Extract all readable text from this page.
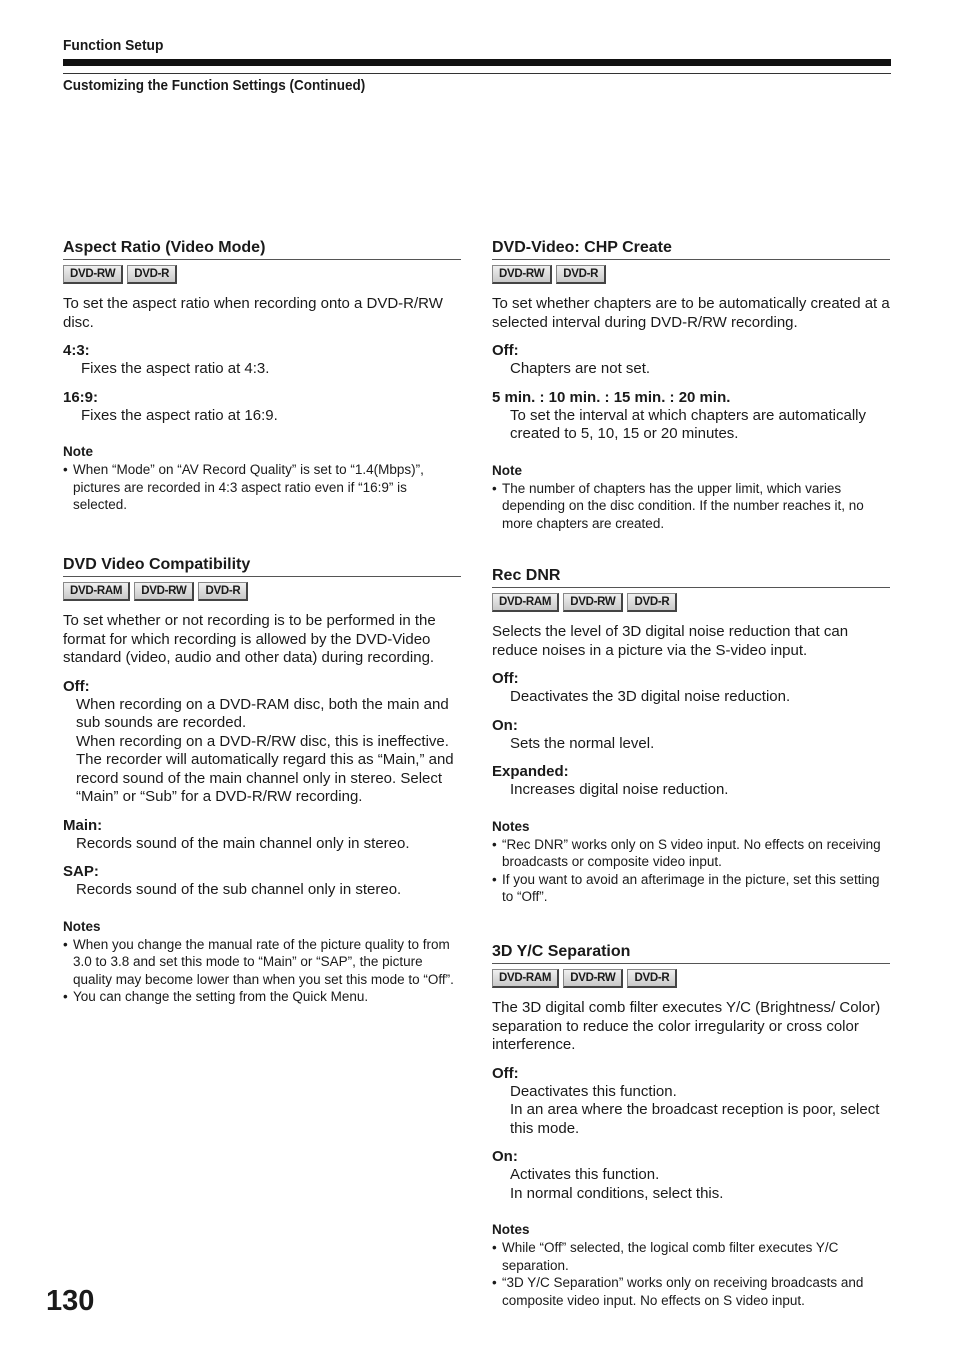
Function Setup
Customizing the Function Settings (Continued)
Aspect Ratio (Video Mode)
DVD-RW	DVD-R
To set the aspect ratio when recording onto a DVD-R/RW disc.
4:3:
Fixes the aspect ratio at 4:3.
16:9:
Fixes the aspect ratio at 16:9.
Note
• When “Mode” on “AV Record Quality” is set to “1.4(Mbps)”, pictures are recorded in 4:3 aspect ratio even if “16:9” is selected.
DVD Video Compatibility
DVD-RAM	DVD-RW	DVD-R
To set whether or not recording is to be performed in the format for which recording is allowed by the DVD-Video standard (video, audio and other data) during recording.
Off:
When recording on a DVD-RAM disc, both the main and sub sounds are recorded.
When recording on a DVD-R/RW disc, this is ineffective. The recorder will automatically regard this as “Main,” and record sound of the main channel only in stereo. Select “Main” or “Sub” for a DVD-R/RW recording.
Main:
Records sound of the main channel only in stereo.
SAP:
Records sound of the sub channel only in stereo.
Notes
• When you change the manual rate of the picture quality to from 3.0 to 3.8 and set this mode to “Main” or “SAP”, the picture quality may become lower than when you set this mode to “Off”.
• You can change the setting from the Quick Menu.
DVD-Video: CHP Create
DVD-RW	DVD-R
To set whether chapters are to be automatically created at a selected interval during DVD-R/RW recording.
Off:
Chapters are not set.
5 min. : 10 min. : 15 min. : 20 min.
To set the interval at which chapters are automatically created to 5, 10, 15 or 20 minutes.
Note
• The number of chapters has the upper limit, which varies depending on the disc condition. If the number reaches it, no more chapters are created.
Rec DNR
DVD-RAM	DVD-RW	DVD-R
Selects the level of 3D digital noise reduction that can reduce noises in a picture via the S-video input.
Off:
Deactivates the 3D digital noise reduction.
On:
Sets the normal level.
Expanded:
Increases digital noise reduction.
Notes
• “Rec DNR” works only on S video input. No effects on receiving broadcasts or composite video input.
• If you want to avoid an afterimage in the picture, set this setting to “Off”.
3D Y/C Separation
DVD-RAM	DVD-RW	DVD-R
The 3D digital comb filter executes Y/C (Brightness/ Color) separation to reduce the color irregularity or cross color interference.
Off:
Deactivates this function.
In an area where the broadcast reception is poor, select this mode.
On:
Activates this function.
In normal conditions, select this.
Notes
• While “Off” selected, the logical comb filter executes Y/C separation.
• “3D Y/C Separation” works only on receiving broadcasts and composite video input. No effects on S video input.
130
